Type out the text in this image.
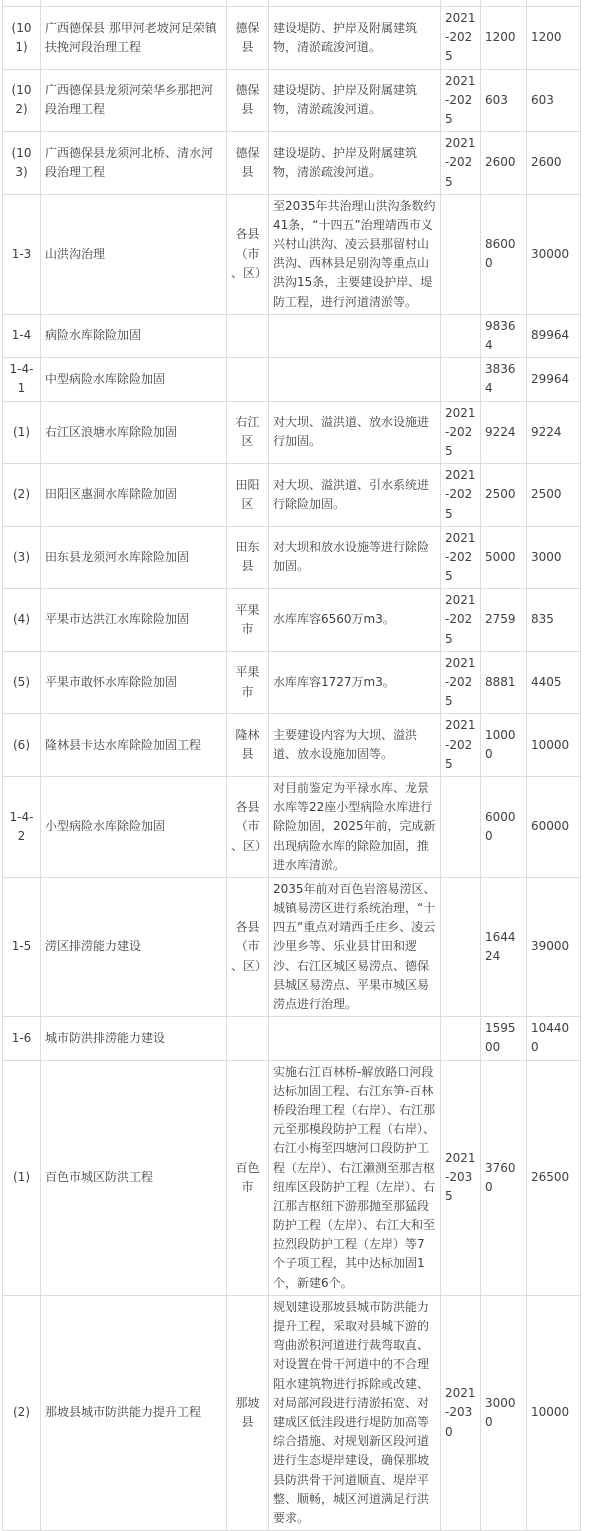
(10 1)	广西德保县 那甲河老坡河足荣镇扶挽河段治理工程	德保县	建设堤防、护岸及附属建筑物，清淤疏浚河道。	2021-2025	1200	1200
(10 2)	广西德保县龙须河荣华乡那把河段治理工程	德保县	建设堤防、护岸及附属建筑物，清淤疏浚河道。	2021-2025	603	603
(10 3)	广西德保县龙须河北桥、清水河段治理工程	德保县	建设堤防、护岸及附属建筑物，清淤疏浚河道。	2021-2025	2600	2600
1-3	山洪沟治理	各县（市、区）	至2035年共治理山洪沟条数约41条，“十四五”治理靖西市义兴村山洪沟、凌云县那留村山洪沟、西林县足别沟等重点山洪沟15条，主要建设护岸、堤防工程，进行河道清淤等。		86000	30000
1-4	病险水库除险加固				98364	89964
1-4-1	中型病险水库除险加固				38364	29964
(1)	右江区浪塘水库除险加固	右江区	对大坝、溢洪道、放水设施进行加固。	2021-2025	9224	9224
(2)	田阳区惠洞水库除险加固	田阳区	对大坝、溢洪道、引水系统进行除险加固。	2021-2025	2500	2500
(3)	田东县龙须河水库除险加固	田东县	对大坝和放水设施等进行除险加固。	2021-2025	5000	3000
(4)	平果市达洪江水库除险加固	平果市	水库库容6560万m3。	2021-2025	2759	835
(5)	平果市敢怀水库除险加固	平果市	水库库容1727万m3。	2021-2025	8881	4405
(6)	隆林县卡达水库除险加固工程	隆林县	主要建设内容为大坝、溢洪道、放水设施加固等。	2021-2025	10000	10000
1-4-2	小型病险水库除险加固	各县（市、区）	对目前鉴定为平禄水库、龙景水库等22座小型病险水库进行除险加固，2025年前，完成新出现病险水库的除险加固，推进水库清淤。		60000	60000
1-5	涝区排涝能力建设	各县（市、区）	2035年前对百色岩溶易涝区、城镇易涝区进行系统治理，“十四五”重点对靖西壬庄乡、凌云沙里乡等、乐业县甘田和逻沙、右江区城区易涝点、德保县城区易涝点、平果市城区易涝点进行治理。		164424	39000
1-6	城市防洪排涝能力建设				159500	104400
(1)	百色市城区防洪工程	百色市	实施右江百林桥-解放路口河段达标加固工程、右江东笋-百林桥段治理工程（右岸）、右江那元至那模段防护工程（右岸）、右江小梅至四塘河口段防护工程（左岸）、右江濑测至那吉枢纽库区段防护工程（左岸）、右江那吉枢纽下游那抛至那猛段防护工程（左岸）、右江大和至拉烈段防护工程（左岸）等7个子项工程，其中达标加固1个，新建6个。	2021-2035	37600	26500
(2)	那坡县城市防洪能力提升工程	那坡县	规划建设那坡县城市防洪能力提升工程，采取对县城下游的弯曲淤积河道进行裁弯取直、对设置在骨干河道中的不合理阻水建筑物进行拆除或改建、对局部河段进行清淤拓宽、对建成区低洼段进行堤防加高等综合措施、对规划新区段河道进行生态堤岸建设，确保那坡县防洪骨干河道顺直、堤岸平整、顺畅，城区河道满足行洪要求。	2021-2030	30000	10000
